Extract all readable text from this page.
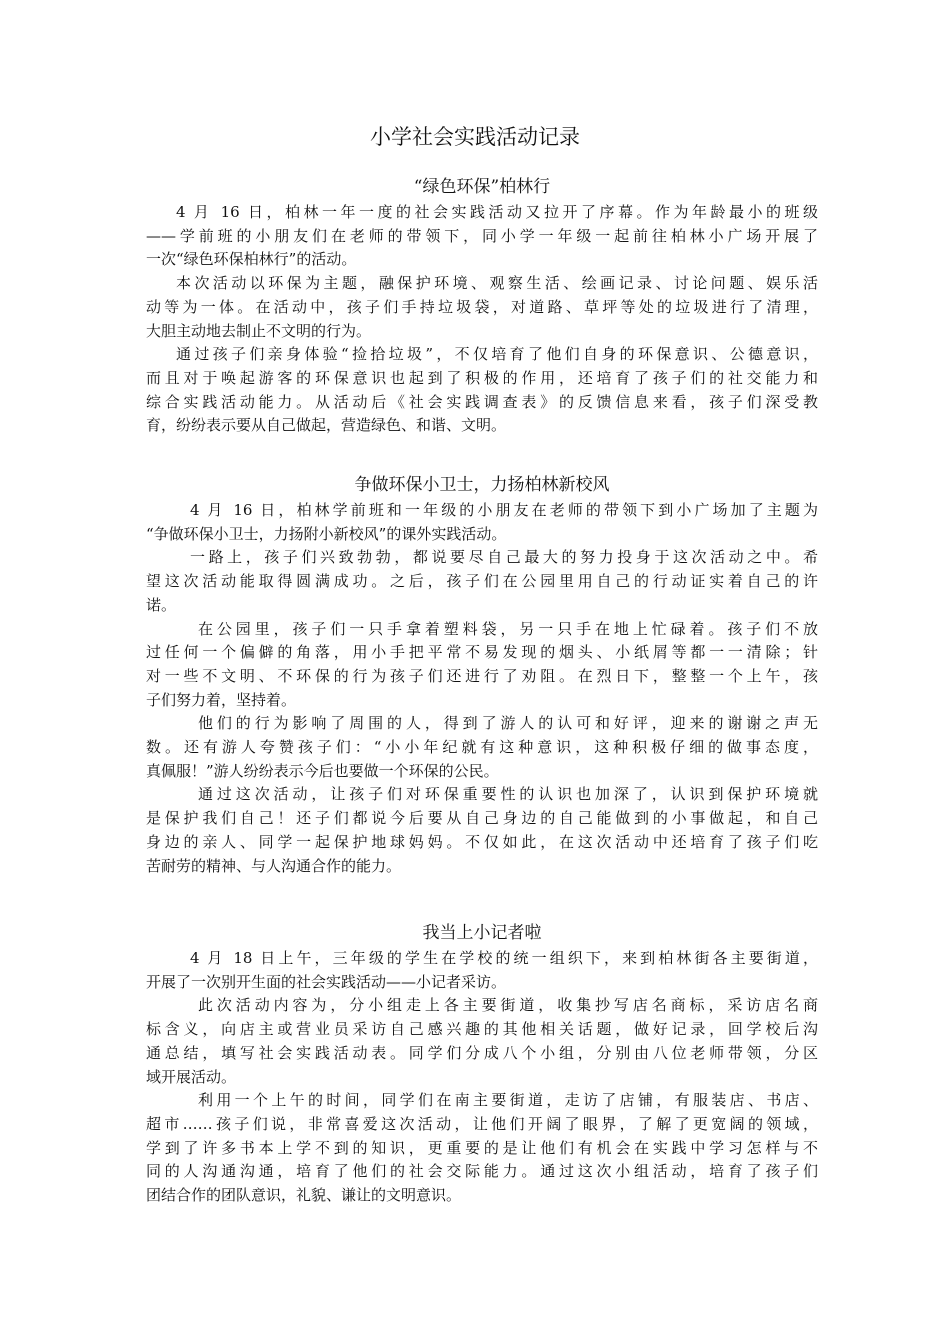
小学社会实践活动记录
“绿色环保”柏林行
4 月 16 日，柏林一年一度的社会实践活动又拉开了序幕。作为年龄最小的班级
——学前班的小朋友们在老师的带领下，同小学一年级一起前往柏林小广场开展了
一次“绿色环保柏林行”的活动。
本次活动以环保为主题，融保护环境、观察生活、绘画记录、讨论问题、娱乐活
动等为一体。在活动中，孩子们手持垃圾袋，对道路、草坪等处的垃圾进行了清理，
大胆主动地去制止不文明的行为。
通过孩子们亲身体验“捡拾垃圾”，不仅培育了他们自身的环保意识、公德意识，
而且对于唤起游客的环保意识也起到了积极的作用，还培育了孩子们的社交能力和
综合实践活动能力。从活动后《社会实践调查表》的反馈信息来看，孩子们深受教
育，纷纷表示要从自己做起，营造绿色、和谐、文明。
争做环保小卫士，力扬柏林新校风
4 月 16 日，柏林学前班和一年级的小朋友在老师的带领下到小广场加了主题为
“争做环保小卫士，力扬附小新校风”的课外实践活动。
一路上，孩子们兴致勃勃，都说要尽自己最大的努力投身于这次活动之中。希
望这次活动能取得圆满成功。之后，孩子们在公园里用自己的行动证实着自己的许
诺。
在公园里，孩子们一只手拿着塑料袋，另一只手在地上忙碌着。孩子们不放
过任何一个偏僻的角落，用小手把平常不易发现的烟头、小纸屑等都一一清除；针
对一些不文明、不环保的行为孩子们还进行了劝阻。在烈日下，整整一个上午，孩
子们努力着，坚持着。
他们的行为影响了周围的人，得到了游人的认可和好评，迎来的谢谢之声无
数。还有游人夸赞孩子们：“小小年纪就有这种意识，这种积极仔细的做事态度，
真佩服！”游人纷纷表示今后也要做一个环保的公民。
通过这次活动，让孩子们对环保重要性的认识也加深了，认识到保护环境就
是保护我们自己！还子们都说今后要从自己身边的自己能做到的小事做起，和自己
身边的亲人、同学一起保护地球妈妈。不仅如此，在这次活动中还培育了孩子们吃
苦耐劳的精神、与人沟通合作的能力。
我当上小记者啦
4 月 18 日上午，三年级的学生在学校的统一组织下，来到柏林街各主要街道，
开展了一次别开生面的社会实践活动——小记者采访。
此次活动内容为，分小组走上各主要街道，收集抄写店名商标，采访店名商
标含义，向店主或营业员采访自己感兴趣的其他相关话题，做好记录，回学校后沟
通总结，填写社会实践活动表。同学们分成八个小组，分别由八位老师带领，分区
域开展活动。
利用一个上午的时间，同学们在南主要街道，走访了店铺，有服装店、书店、
超市……孩子们说，非常喜爱这次活动，让他们开阔了眼界，了解了更宽阔的领域，
学到了许多书本上学不到的知识，更重要的是让他们有机会在实践中学习怎样与不
同的人沟通沟通，培育了他们的社会交际能力。通过这次小组活动，培育了孩子们
团结合作的团队意识，礼貌、谦让的文明意识。
